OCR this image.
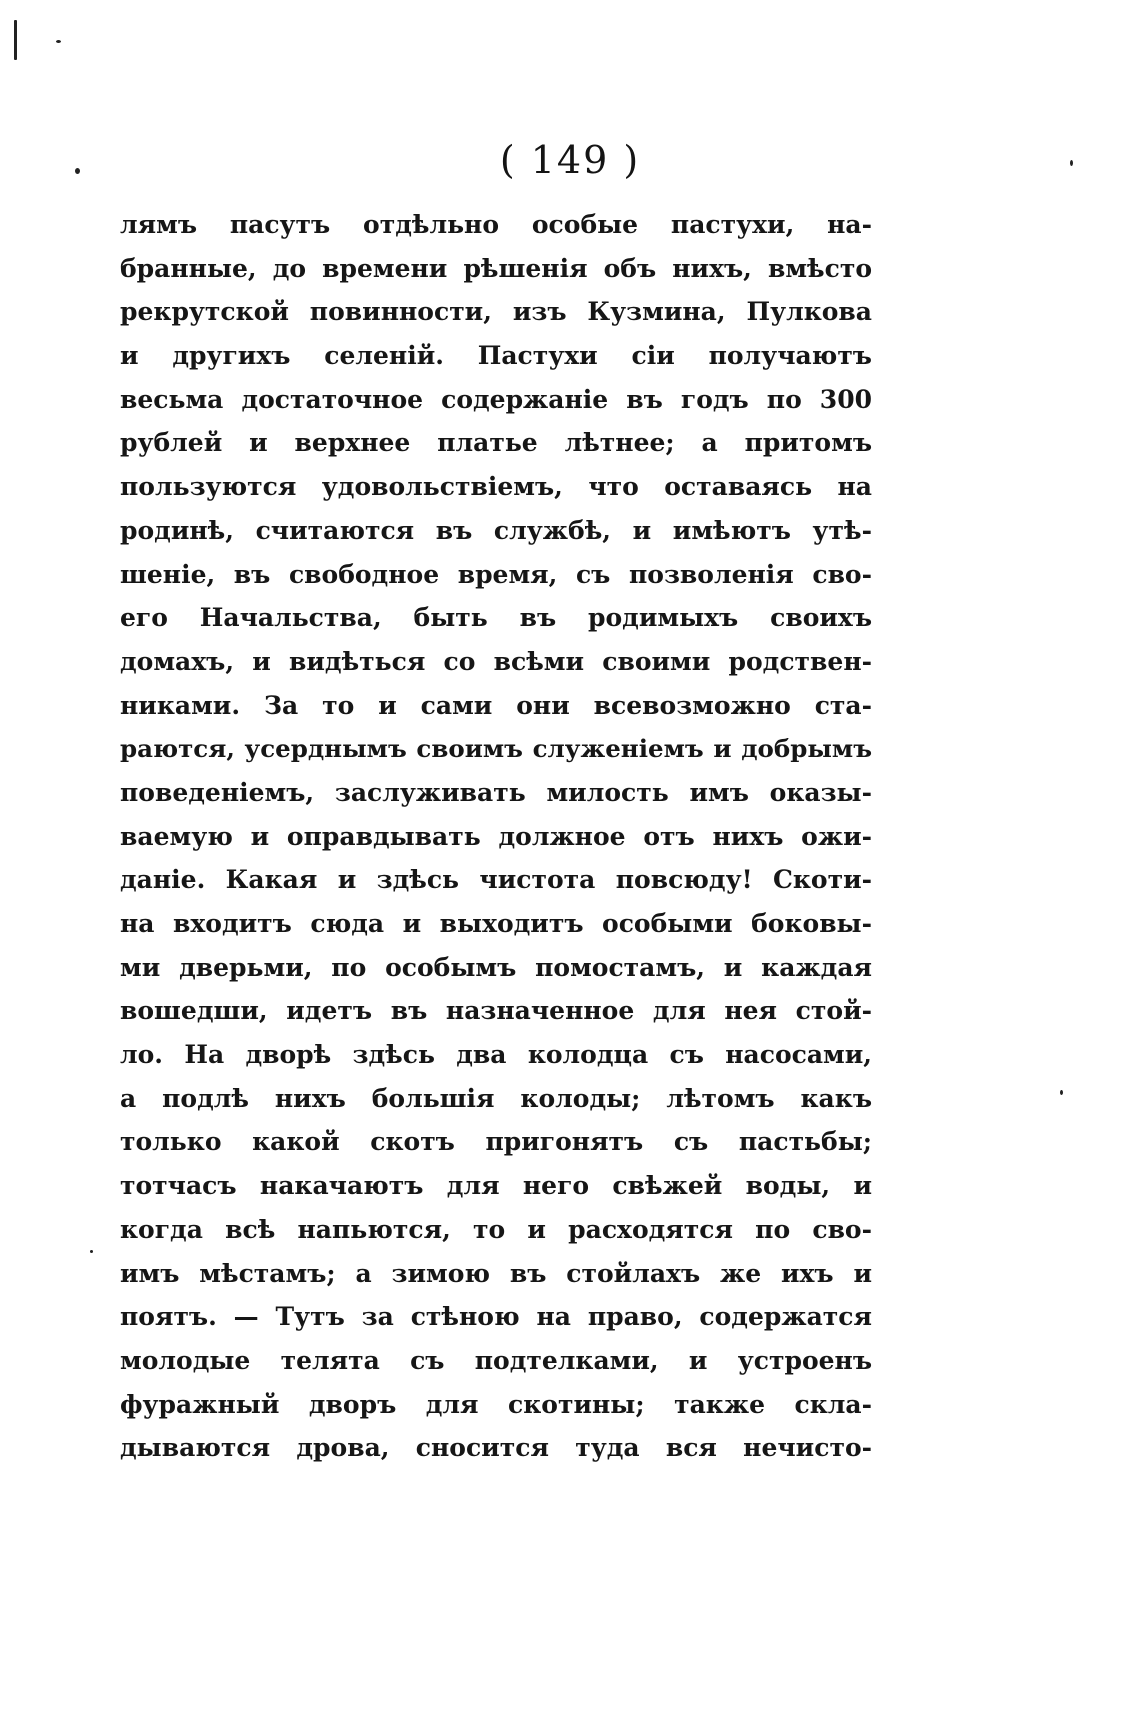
( 149 )
лямъ пасутъ отдѣльно особые пастухи, на-
бранные, до времени рѣшенія объ нихъ, вмѣсто
рекрутской повинности, изъ Кузмина, Пулкова
и другихъ селеній. Пастухи сіи получаютъ
весьма достаточное содержаніе въ годъ по 300
рублей и верхнее платье лѣтнее; а притомъ
пользуются удовольствіемъ, что оставаясь на
родинѣ, считаются въ службѣ, и имѣютъ утѣ-
шеніе, въ свободное время, съ позволенія сво-
его Начальства, быть въ родимыхъ своихъ
домахъ, и видѣться со всѣми своими родствен-
никами. За то и сами они всевозможно ста-
раются, усерднымъ своимъ служеніемъ и добрымъ
поведеніемъ, заслуживать милость имъ оказы-
ваемую и оправдывать должное отъ нихъ ожи-
даніе. Какая и здѣсь чистота повсюду! Скоти-
на входитъ сюда и выходитъ особыми боковы-
ми дверьми, по особымъ помостамъ, и каждая
вошедши, идетъ въ назначенное для нея стой-
ло. На дворѣ здѣсь два колодца съ насосами,
а подлѣ нихъ большія колоды; лѣтомъ какъ
только какой скотъ пригонятъ съ пастьбы;
тотчасъ накачаютъ для него свѣжей воды, и
когда всѣ напьются, то и расходятся по сво-
имъ мѣстамъ; а зимою въ стойлахъ же ихъ и
поятъ. — Тутъ за стѣною на право, содержатся
молодые телята съ подтелками, и устроенъ
фуражный дворъ для скотины; также скла-
дываются дрова, сносится туда вся нечисто-
